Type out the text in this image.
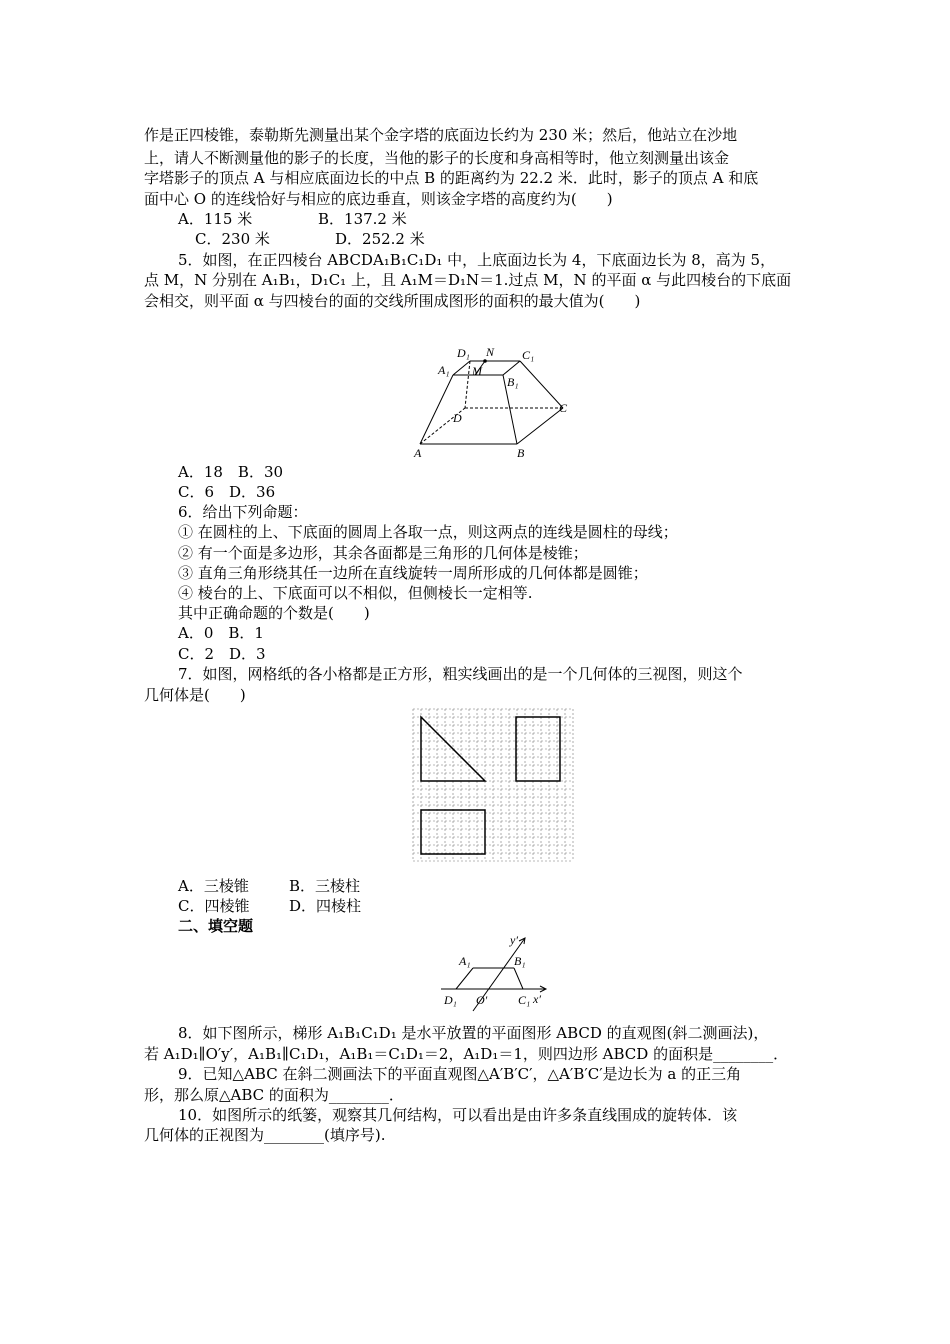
作是正四棱锥，泰勒斯先测量出某个金字塔的底面边长约为 230 米；然后，他站立在沙地
上，请人不断测量他的影子的长度，当他的影子的长度和身高相等时，他立刻测量出该金
字塔影子的顶点 A 与相应底面边长的中点 B 的距离约为 22.2 米．此时，影子的顶点 A 和底
面中心 O 的连线恰好与相应的底边垂直，则该金字塔的高度约为(　　)
A．115 米	B．137.2 米
C．230 米	D．252.2 米
5．如图，在正四棱台 ABCDA₁B₁C₁D₁ 中，上底面边长为 4，下底面边长为 8，高为 5，
点 M，N 分别在 A₁B₁，D₁C₁ 上，且 A₁M＝D₁N＝1.过点 M，N 的平面 α 与此四棱台的下底面
会相交，则平面 α 与四棱台的面的交线所围成图形的面积的最大值为(　　)
D₁ N C₁
A₁ M
B₁
C
D
A	B
A．18　B．30
C．6　D．36
6．给出下列命题：
① 在圆柱的上、下底面的圆周上各取一点，则这两点的连线是圆柱的母线；
② 有一个面是多边形，其余各面都是三角形的几何体是棱锥；
③ 直角三角形绕其任一边所在直线旋转一周所形成的几何体都是圆锥；
④ 棱台的上、下底面可以不相似，但侧棱长一定相等.
其中正确命题的个数是(　　)
A．0　B．1
C．2　D．3
7．如图，网格纸的各小格都是正方形，粗实线画出的是一个几何体的三视图，则这个
几何体是(　　)
A．三棱锥	B．三棱柱
C．四棱锥	D．四棱柱
二、填空题
y′
A₁	B₁
D₁ O′	C₁ x′
8．如下图所示，梯形 A₁B₁C₁D₁ 是水平放置的平面图形 ABCD 的直观图(斜二测画法)，
若 A₁D₁∥O′y′，A₁B₁∥C₁D₁，A₁B₁＝C₁D₁＝2，A₁D₁＝1，则四边形 ABCD 的面积是________．
9．已知△ABC 在斜二测画法下的平面直观图△A′B′C′，△A′B′C′是边长为 a 的正三角
形，那么原△ABC 的面积为________．
10．如图所示的纸篓，观察其几何结构，可以看出是由许多条直线围成的旋转体．该
几何体的正视图为________(填序号).
